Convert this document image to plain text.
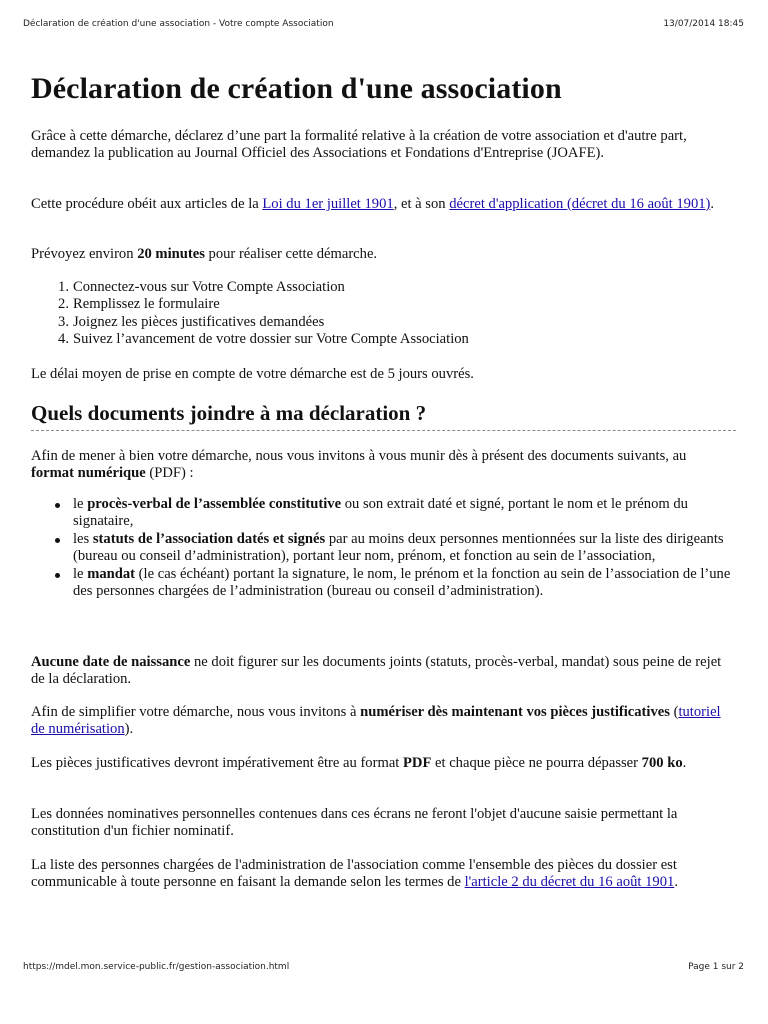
Déclaration de création d'une association - Votre compte Association	13/07/2014 18:45
Déclaration de création d'une association

Grâce à cette démarche, déclarez d’une part la formalité relative à la création de votre association et d'autre part, demandez la publication au Journal Officiel des Associations et Fondations d'Entreprise (JOAFE).

Cette procédure obéit aux articles de la Loi du 1er juillet 1901, et à son décret d'application (décret du 16 août 1901).

Prévoyez environ 20 minutes pour réaliser cette démarche.

1. Connectez-vous sur Votre Compte Association
2. Remplissez le formulaire
3. Joignez les pièces justificatives demandées
4. Suivez l’avancement de votre dossier sur Votre Compte Association

Le délai moyen de prise en compte de votre démarche est de 5 jours ouvrés.

Quels documents joindre à ma déclaration ?

Afin de mener à bien votre démarche, nous vous invitons à vous munir dès à présent des documents suivants, au format numérique (PDF) :

le procès-verbal de l’assemblée constitutive ou son extrait daté et signé, portant le nom et le prénom du signataire,
les statuts de l’association datés et signés par au moins deux personnes mentionnées sur la liste des dirigeants (bureau ou conseil d’administration), portant leur nom, prénom, et fonction au sein de l’association,
le mandat (le cas échéant) portant la signature, le nom, le prénom et la fonction au sein de l’association de l’une des personnes chargées de l’administration (bureau ou conseil d’administration).

Aucune date de naissance ne doit figurer sur les documents joints (statuts, procès-verbal, mandat) sous peine de rejet de la déclaration.

Afin de simplifier votre démarche, nous vous invitons à numériser dès maintenant vos pièces justificatives (tutoriel de numérisation).

Les pièces justificatives devront impérativement être au format PDF et chaque pièce ne pourra dépasser 700 ko.

Les données nominatives personnelles contenues dans ces écrans ne feront l'objet d'aucune saisie permettant la constitution d'un fichier nominatif.

La liste des personnes chargées de l'administration de l'association comme l'ensemble des pièces du dossier est communicable à toute personne en faisant la demande selon les termes de l'article 2 du décret du 16 août 1901.

https://mdel.mon.service-public.fr/gestion-association.html	Page 1 sur 2
